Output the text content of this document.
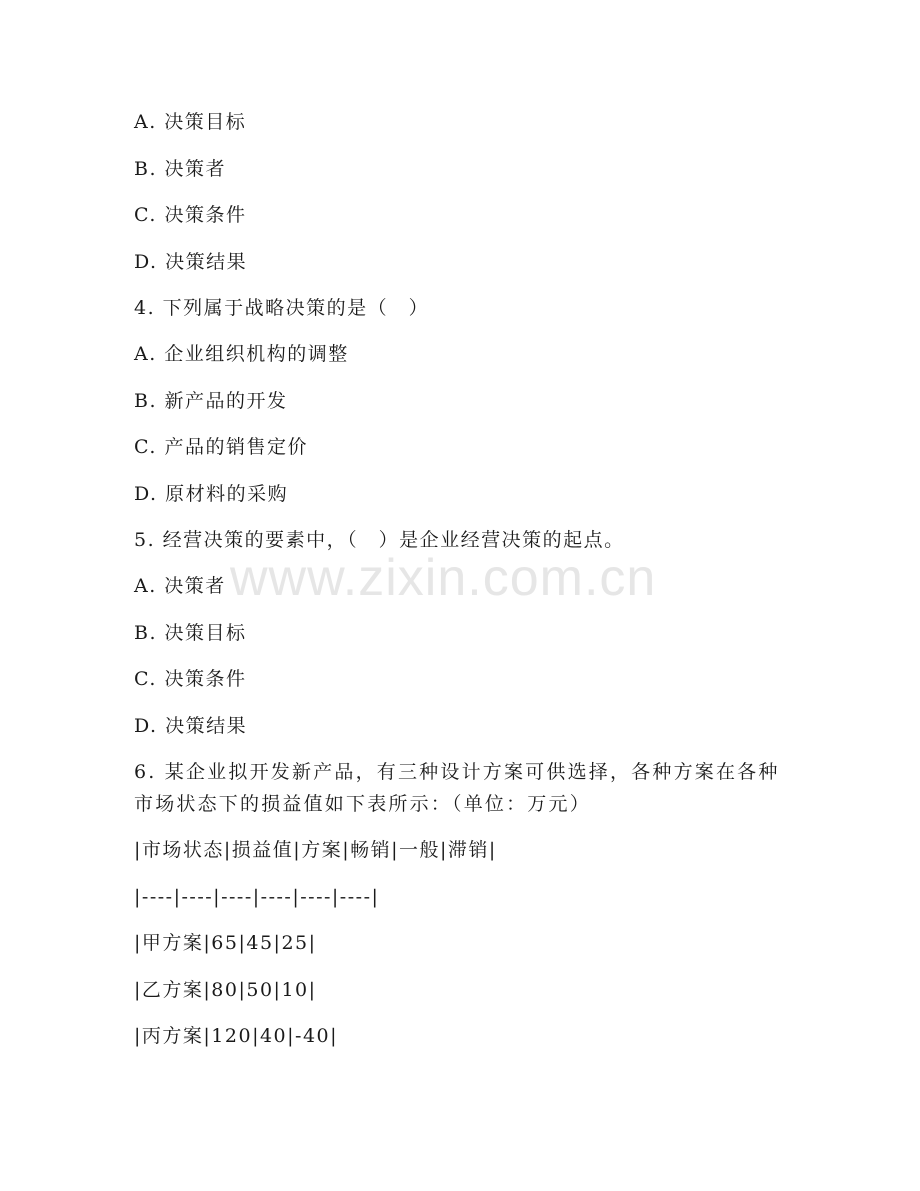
www.zixin.com.cn
A. 决策目标
B. 决策者
C. 决策条件
D. 决策结果
4. 下列属于战略决策的是（　）
A. 企业组织机构的调整
B. 新产品的开发
C. 产品的销售定价
D. 原材料的采购
5. 经营决策的要素中，（　）是企业经营决策的起点。
A. 决策者
B. 决策目标
C. 决策条件
D. 决策结果
6. 某企业拟开发新产品，有三种设计方案可供选择，各种方案在各种
市场状态下的损益值如下表所示：（单位：万元）
|市场状态|损益值|方案|畅销|一般|滞销|
|----|----|----|----|----|----|
|甲方案|65|45|25|
|乙方案|80|50|10|
|丙方案|120|40|-40|
